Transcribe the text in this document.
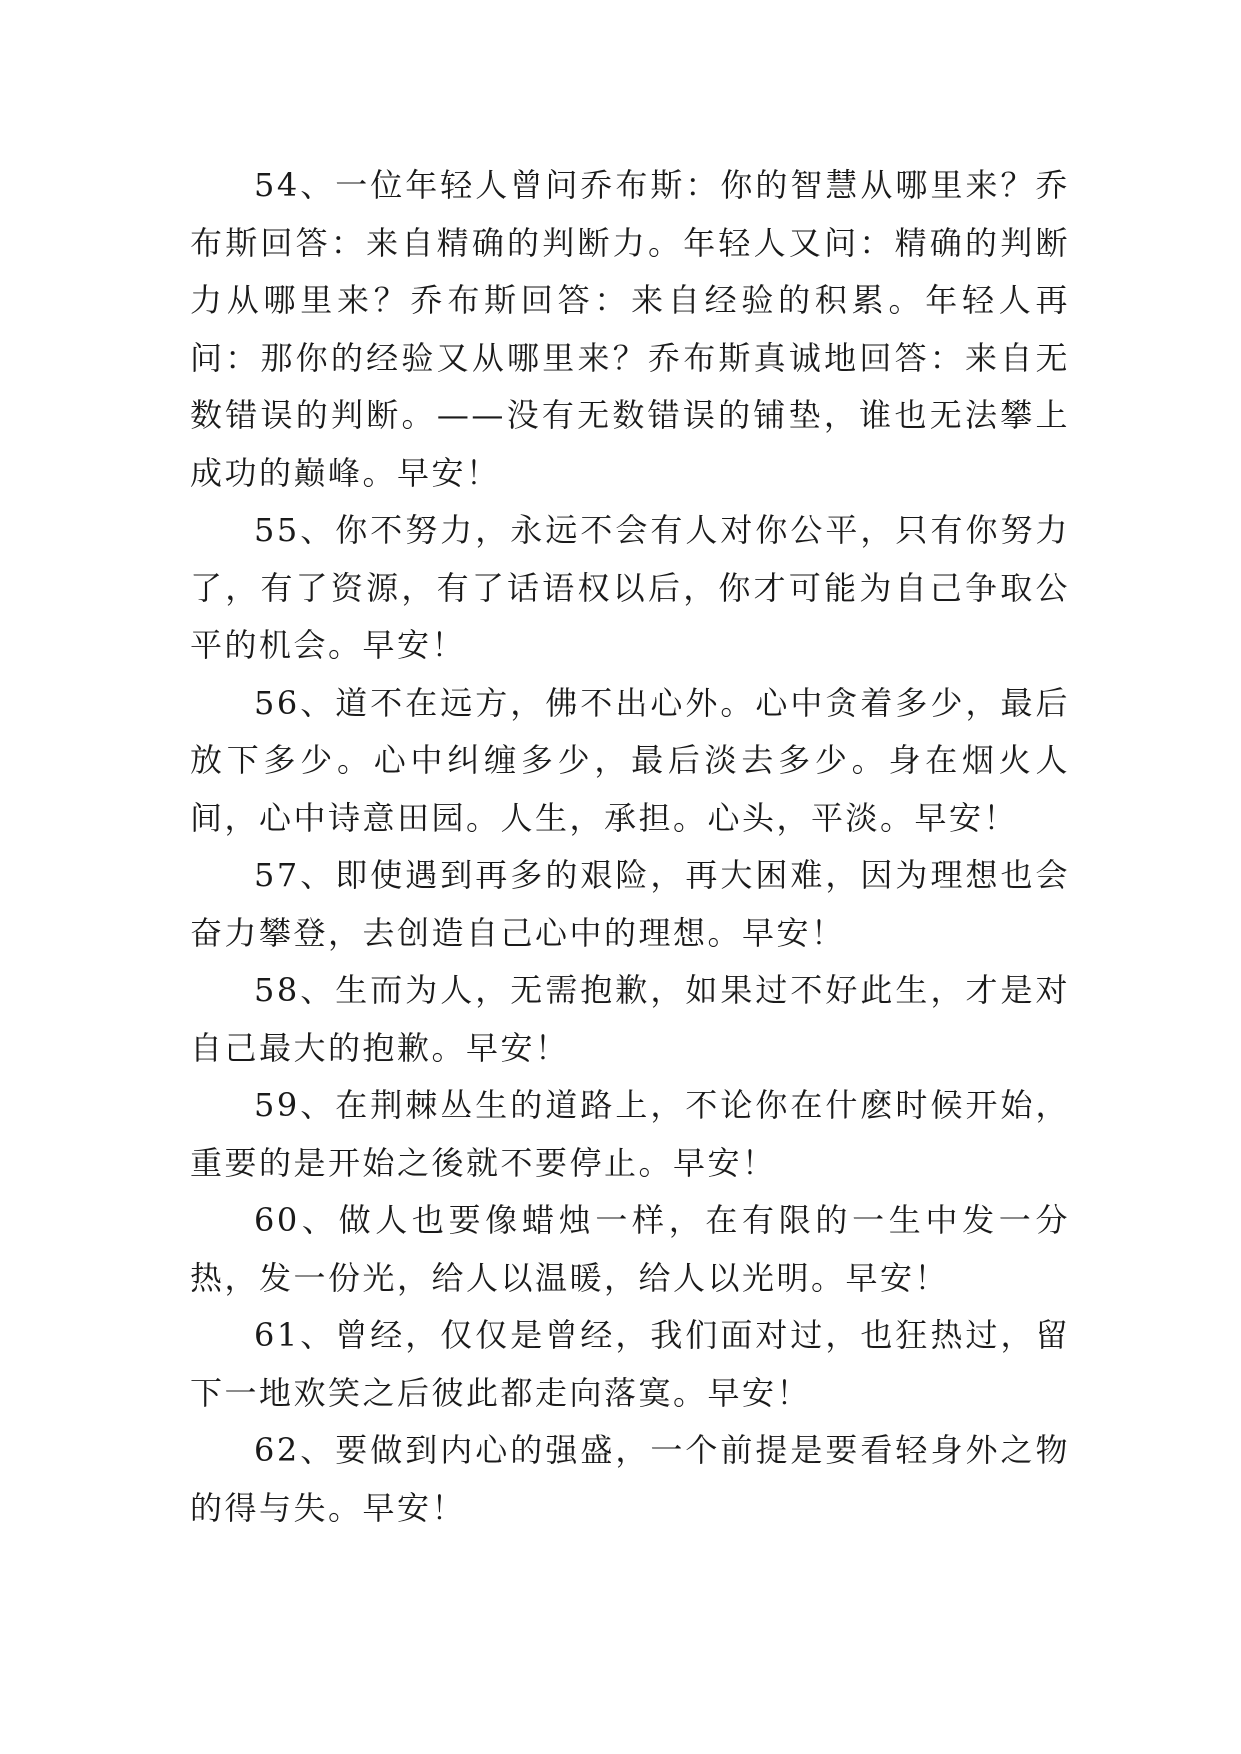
54、一位年轻人曾问乔布斯：你的智慧从哪里来？乔布斯回答：来自精确的判断力。年轻人又问：精确的判断力从哪里来？乔布斯回答：来自经验的积累。年轻人再问：那你的经验又从哪里来？乔布斯真诚地回答：来自无数错误的判断。——没有无数错误的铺垫，谁也无法攀上成功的巅峰。早安！

55、你不努力，永远不会有人对你公平，只有你努力了，有了资源，有了话语权以后，你才可能为自己争取公平的机会。早安！

56、道不在远方，佛不出心外。心中贪着多少，最后放下多少。心中纠缠多少，最后淡去多少。身在烟火人间，心中诗意田园。人生，承担。心头，平淡。早安！

57、即使遇到再多的艰险，再大困难，因为理想也会奋力攀登，去创造自己心中的理想。早安！

58、生而为人，无需抱歉，如果过不好此生，才是对自己最大的抱歉。早安！

59、在荆棘丛生的道路上，不论你在什麽时候开始，重要的是开始之後就不要停止。早安！

60、做人也要像蜡烛一样，在有限的一生中发一分热，发一份光，给人以温暖，给人以光明。早安！

61、曾经，仅仅是曾经，我们面对过，也狂热过，留下一地欢笑之后彼此都走向落寞。早安！

62、要做到内心的强盛，一个前提是要看轻身外之物的得与失。早安！
